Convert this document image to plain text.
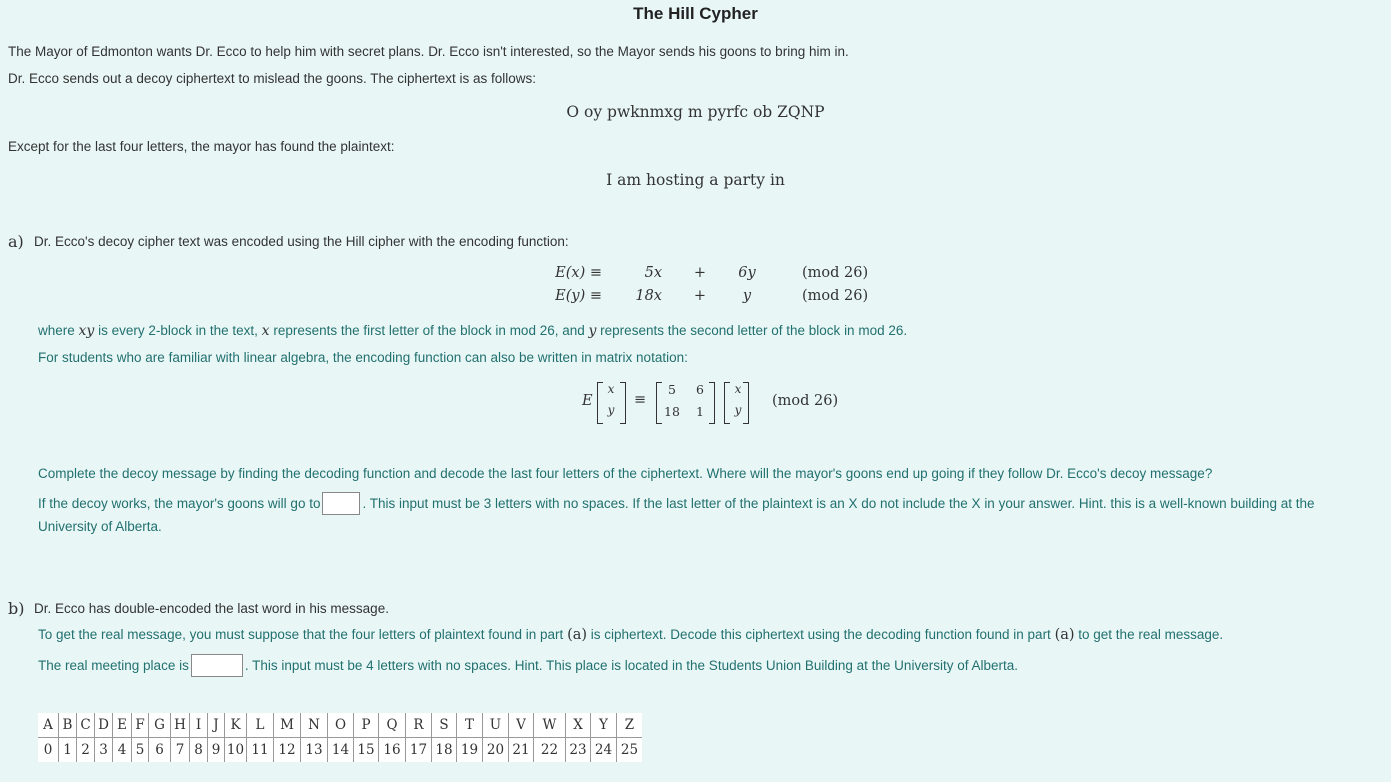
The Hill Cypher
The Mayor of Edmonton wants Dr. Ecco to help him with secret plans. Dr. Ecco isn't interested, so the Mayor sends his goons to bring him in.
Dr. Ecco sends out a decoy ciphertext to mislead the goons. The ciphertext is as follows:
O oy pwknmxg m pyrfc ob ZQNP
Except for the last four letters, the mayor has found the plaintext:
I am hosting a party in
a) Dr. Ecco's decoy cipher text was encoded using the Hill cipher with the encoding function:
E(x) ≡	5x +	6y	(mod 26)
E(y) ≡	18x +	y	(mod 26)
where xy is every 2-block in the text, x represents the first letter of the block in mod 26, and y represents the second letter of the block in mod 26.
For students who are familiar with linear algebra, the encoding function can also be written in matrix notation:
E
x
y
≡
5	6
18	1
x
y
(mod 26)
Complete the decoy message by finding the decoding function and decode the last four letters of the ciphertext. Where will the mayor's goons end up going if they follow Dr. Ecco's decoy message?
If the decoy works, the mayor's goons will go to	. This input must be 3 letters with no spaces. If the last letter of the plaintext is an X do not include the X in your answer. Hint. this is a well-known building at the
University of Alberta.
b) Dr. Ecco has double-encoded the last word in his message.
To get the real message, you must suppose that the four letters of plaintext found in part (a) is ciphertext. Decode this ciphertext using the decoding function found in part (a) to get the real message.
The real meeting place is	. This input must be 4 letters with no spaces. Hint. This place is located in the Students Union Building at the University of Alberta.
A	B	C	D	E	F	G	H	I	J	K	L	M	N	O	P	Q	R	S	T	U	V	W	X	Y	Z
0	1	2	3	4	5	6	7	8	9	10	11	12	13	14	15	16	17	18	19	20	21	22	23	24	25
